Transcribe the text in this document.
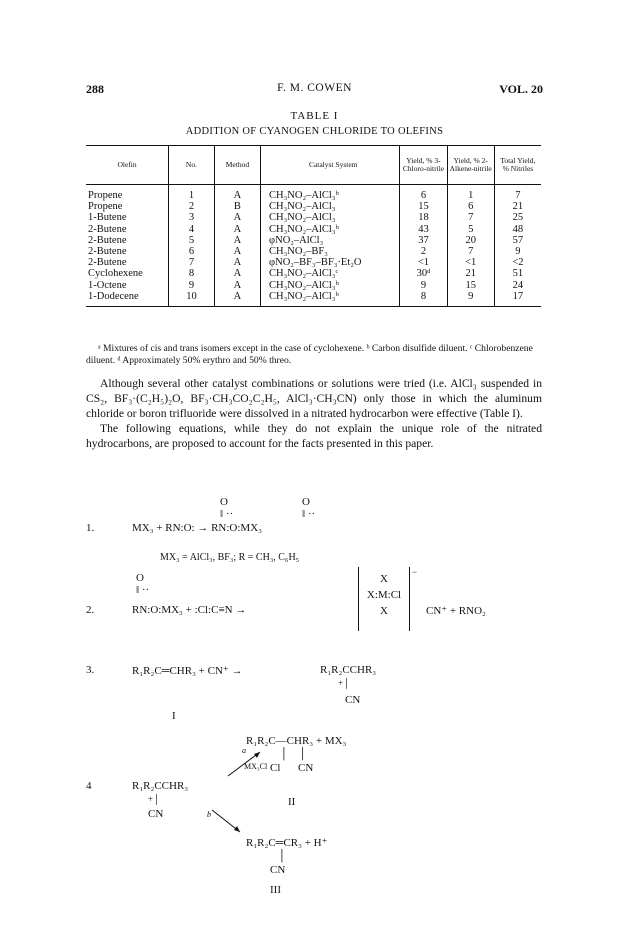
288	F. M. COWEN	VOL. 20
TABLE I
ADDITION OF CYANOGEN CHLORIDE TO OLEFINS
Olefin	No.	Method	Catalyst System	Yield, % 3-Chloro-nitrile	Yield, % 2-Alkene-nitrile	Total Yield, % Nitriles
Propene	1	A	CH₃NO₂–AlCl₃ᵇ	6	1	7
Propene	2	B	CH₃NO₂–AlCl₃	15	6	21
1-Butene	3	A	CH₃NO₂–AlCl₃	18	7	25
2-Butene	4	A	CH₃NO₂–AlCl₃ᵇ	43	5	48
2-Butene	5	A	φNO₂–AlCl₃	37	20	57
2-Butene	6	A	CH₃NO₂–BF₃	2	7	9
2-Butene	7	A	φNO₂–BF₃–BF₃·Et₂O	<1	<1	<2
Cyclohexene	8	A	CH₃NO₂–AlCl₃ᶜ	30ᵈ	21	51
1-Octene	9	A	CH₃NO₂–AlCl₃ᵇ	9	15	24
1-Dodecene	10	A	CH₃NO₂–AlCl₃ᵇ	8	9	17
ᵃ Mixtures of cis and trans isomers except in the case of cyclohexene. ᵇ Carbon disulfide diluent. ᶜ Chlorobenzene diluent. ᵈ Approximately 50% erythro and 50% threo.

Although several other catalyst combinations or solutions were tried (i.e. AlCl₃ suspended in CS₂, BF₃·(C₂H₅)₂O, BF₃·CH₃CO₂C₂H₅, AlCl₃·CH₃CN) only those in which the aluminum chloride or boron trifluoride were dissolved in a nitrated hydrocarbon were effective (Table I).

The following equations, while they do not explain the unique role of the nitrated hydrocarbons, are proposed to account for the facts presented in this paper.

1.
O
‖ ··
O
‖ ··
MX₃ + RN:O: → RN:O:MX₃
MX₃ = AlCl₃, BF₃; R = CH₃, C₆H₅
O
‖ ··
2.	RN:O:MX₃ + :Cl:C≡N →
X
X:M:Cl
X
−
CN⁺ + RNO₂
3.	R₁R₂C═CHR₃ + CN⁺ →	R₁R₂CCHR₃
+│
CN
I
R₁R₂C—CHR₃ + MX₃
│    │
Cl CN
MX₃Cl
a
4	R₁R₂CCHR₃
+│
CN
II
b
R₁R₂C═CR₃ + H⁺
│
CN
III
